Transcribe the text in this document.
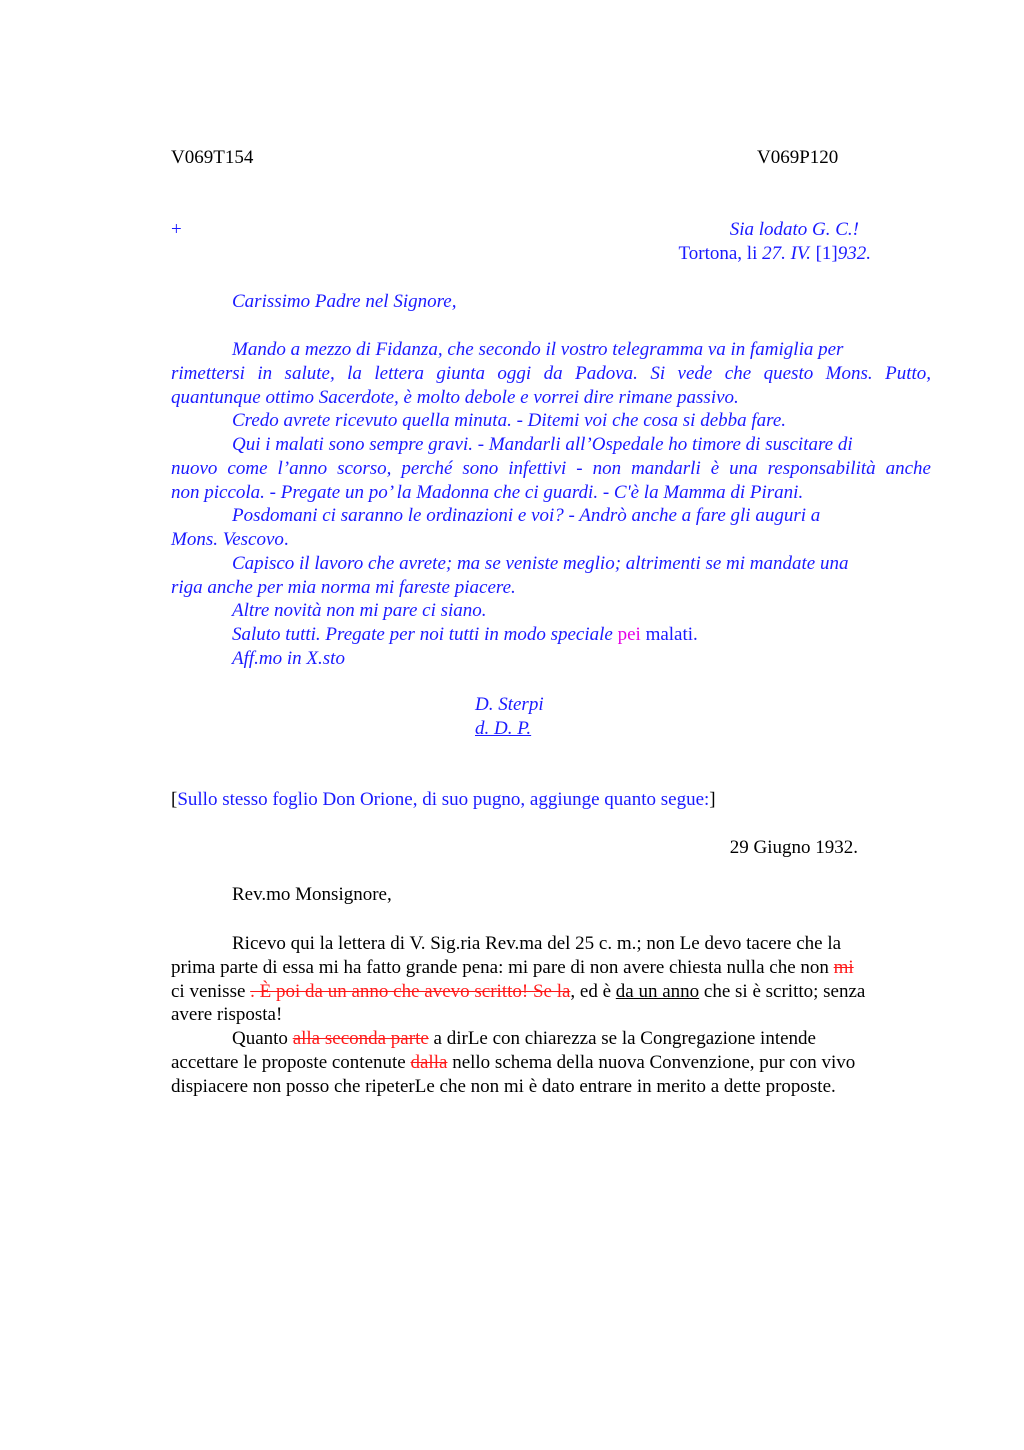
V069T154	V069P120
+	Sia lodato G. C.!
Tortona, li 27. IV. [1]932.
Carissimo Padre nel Signore,
Mando a mezzo di Fidanza, che secondo il vostro telegramma va in famiglia per
rimettersi in salute, la lettera giunta oggi da Padova. Si vede che questo Mons. Putto,
quantunque ottimo Sacerdote, è molto debole e vorrei dire rimane passivo.
Credo avrete ricevuto quella minuta. - Ditemi voi che cosa si debba fare.
Qui i malati sono sempre gravi. - Mandarli all’Ospedale ho timore di suscitare di
nuovo come l’anno scorso, perché sono infettivi - non mandarli è una responsabilità anche
non piccola. - Pregate un po’ la Madonna che ci guardi. - C'è la Mamma di Pirani.
Posdomani ci saranno le ordinazioni e voi? - Andrò anche a fare gli auguri a
Mons. Vescovo.
Capisco il lavoro che avrete; ma se veniste meglio; altrimenti se mi mandate una
riga anche per mia norma mi fareste piacere.
Altre novità non mi pare ci siano.
Saluto tutti. Pregate per noi tutti in modo speciale pei malati.
Aff.mo in X.sto
D. Sterpi
d. D. P.
[Sullo stesso foglio Don Orione, di suo pugno, aggiunge quanto segue:]
29 Giugno 1932.
Rev.mo Monsignore,
Ricevo qui la lettera di V. Sig.ria Rev.ma del 25 c. m.; non Le devo tacere che la
prima parte di essa mi ha fatto grande pena: mi pare di non avere chiesta nulla che non mi
ci venisse . È poi da un anno che avevo scritto! Se la, ed è da un anno che si è scritto; senza
avere risposta!
Quanto alla seconda parte a dirLe con chiarezza se la Congregazione intende
accettare le proposte contenute dalla nello schema della nuova Convenzione, pur con vivo
dispiacere non posso che ripeterLe che non mi è dato entrare in merito a dette proposte.
